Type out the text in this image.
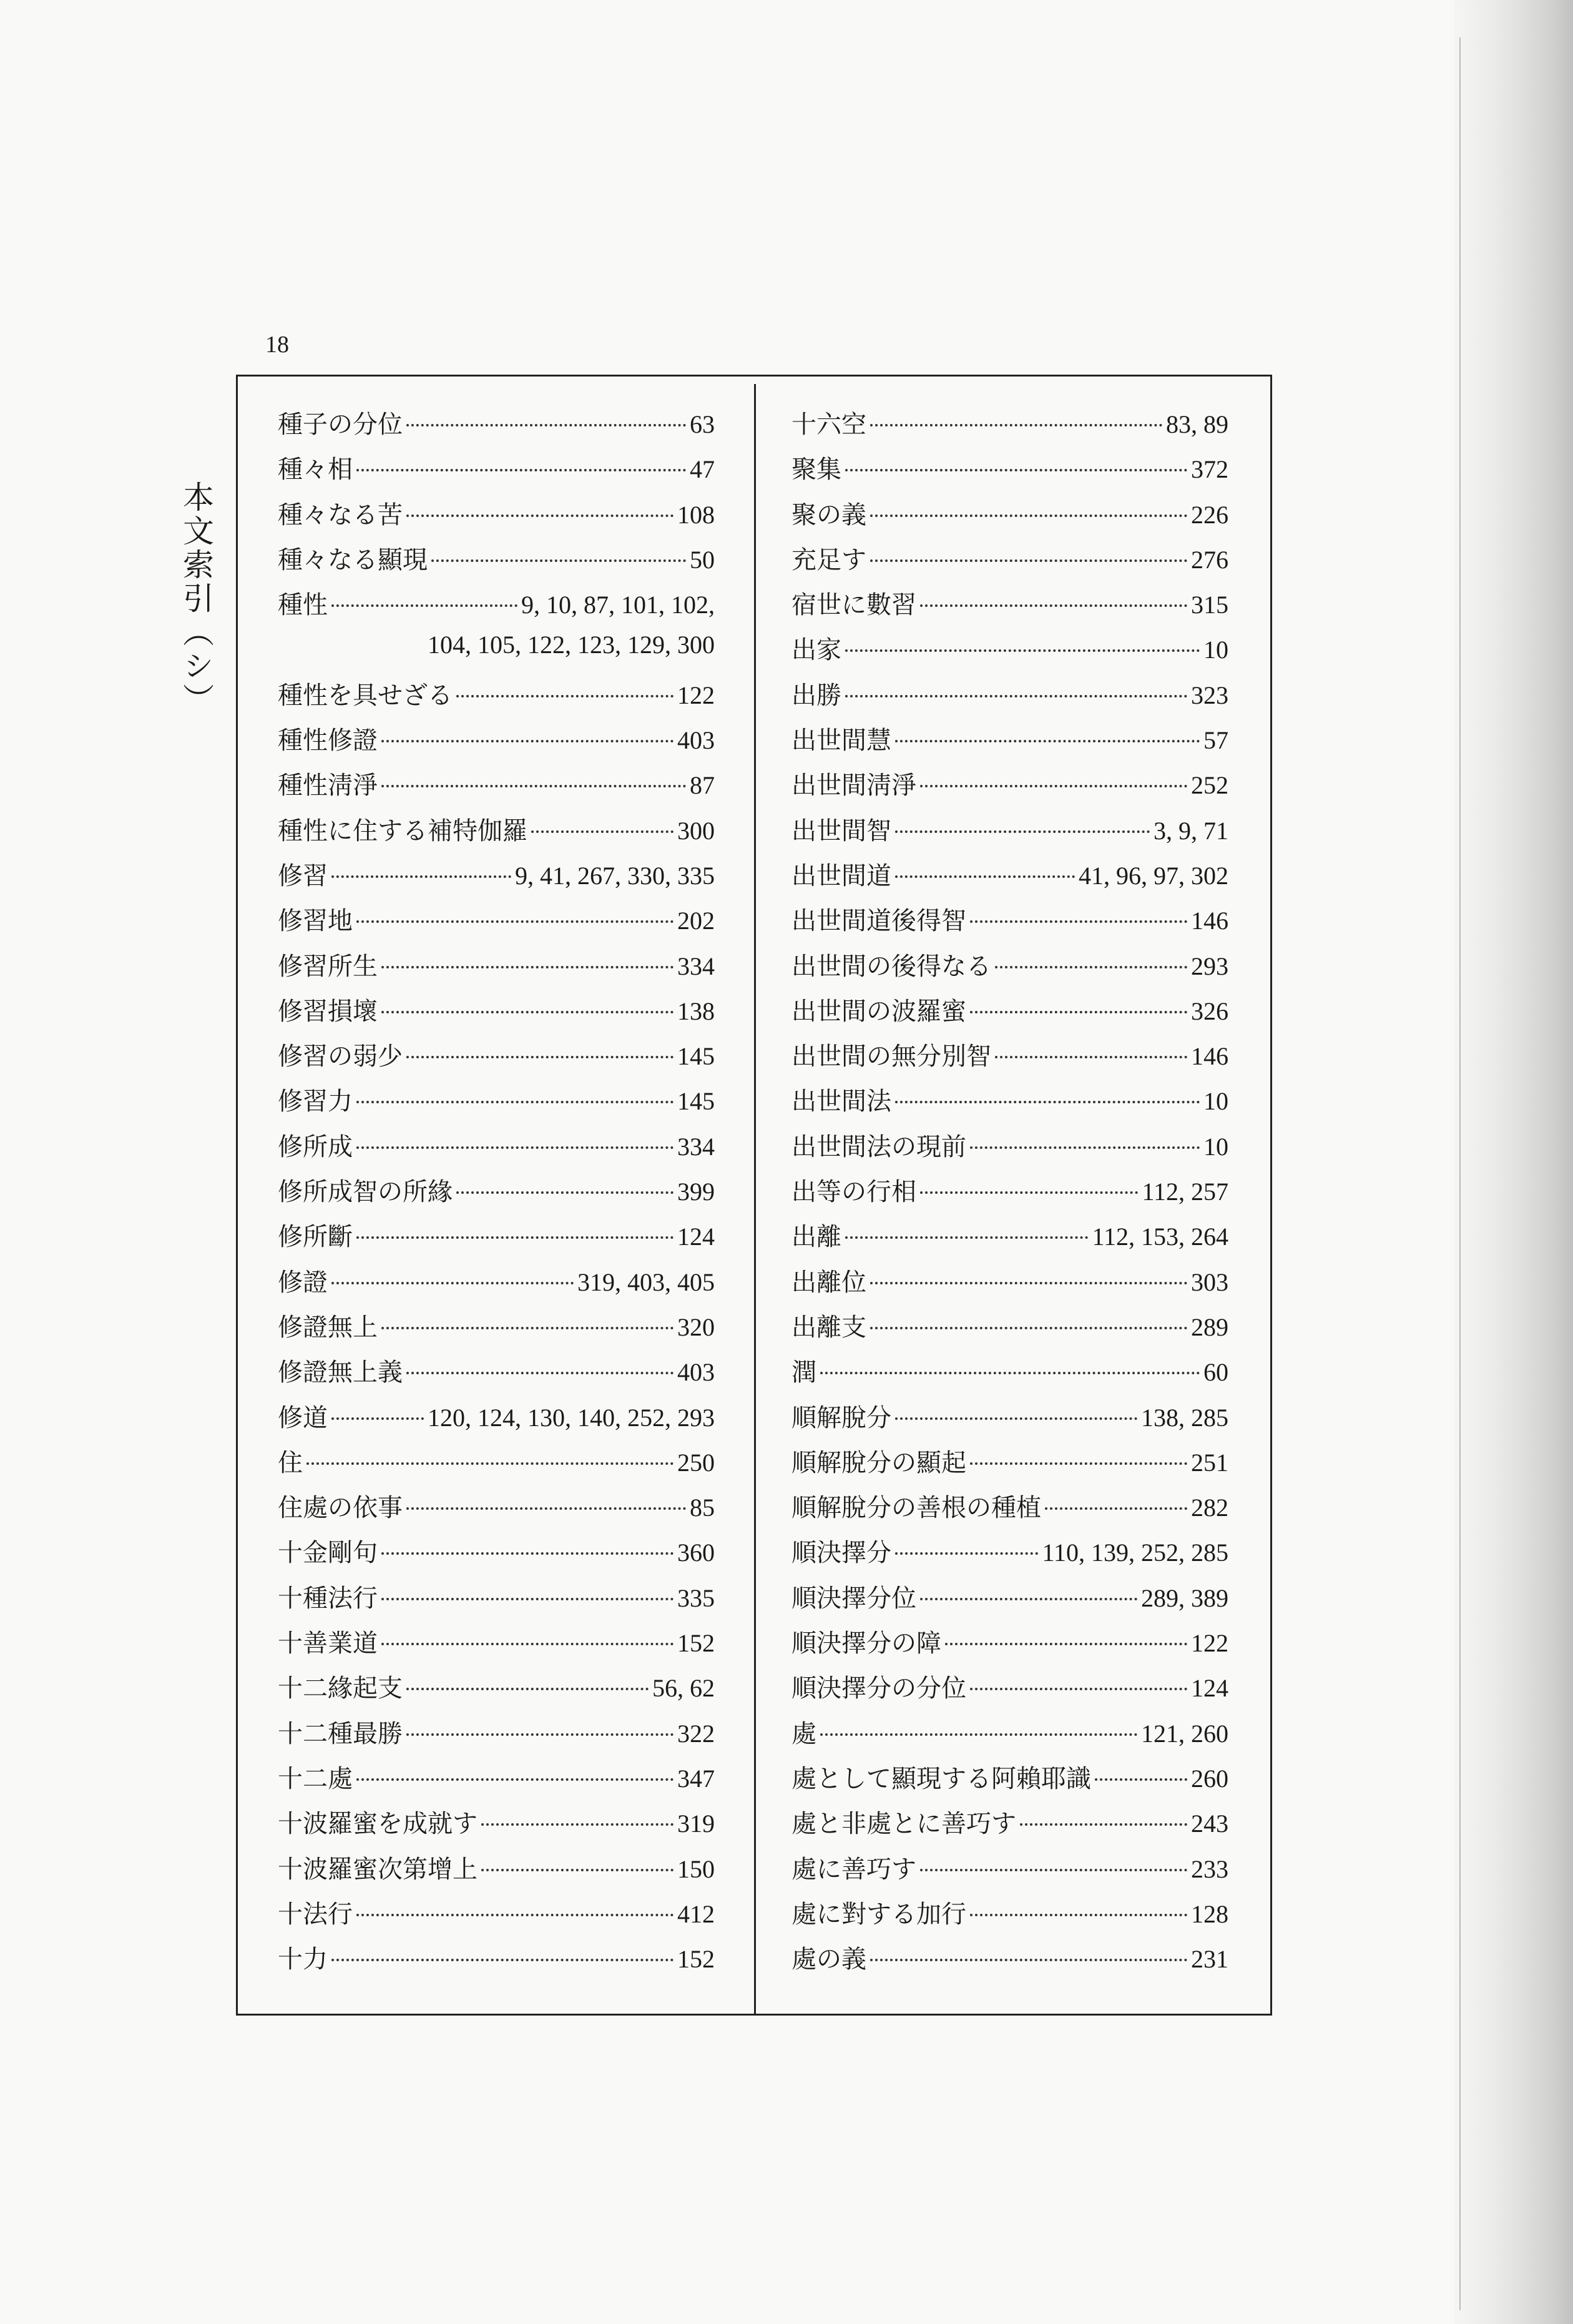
18
本文索引（シ）
種子の分位	63
種々相	47
種々なる苦	108
種々なる顯現	50
種性	9, 10, 87, 101, 102,
104, 105, 122, 123, 129, 300
種性を具せざる	122
種性修證	403
種性淸淨	87
種性に住する補特伽羅	300
修習	9, 41, 267, 330, 335
修習地	202
修習所生	334
修習損壞	138
修習の弱少	145
修習力	145
修所成	334
修所成智の所緣	399
修所斷	124
修證	319, 403, 405
修證無上	320
修證無上義	403
修道	120, 124, 130, 140, 252, 293
住	250
住處の依事	85
十金剛句	360
十種法行	335
十善業道	152
十二緣起支	56, 62
十二種最勝	322
十二處	347
十波羅蜜を成就す	319
十波羅蜜次第增上	150
十法行	412
十力	152
十六空	83, 89
聚集	372
聚の義	226
充足す	276
宿世に數習	315
出家	10
出勝	323
出世間慧	57
出世間淸淨	252
出世間智	3, 9, 71
出世間道	41, 96, 97, 302
出世間道後得智	146
出世間の後得なる	293
出世間の波羅蜜	326
出世間の無分別智	146
出世間法	10
出世間法の現前	10
出等の行相	112, 257
出離	112, 153, 264
出離位	303
出離支	289
潤	60
順解脫分	138, 285
順解脫分の顯起	251
順解脫分の善根の種植	282
順決擇分	110, 139, 252, 285
順決擇分位	289, 389
順決擇分の障	122
順決擇分の分位	124
處	121, 260
處として顯現する阿賴耶識	260
處と非處とに善巧す	243
處に善巧す	233
處に對する加行	128
處の義	231
